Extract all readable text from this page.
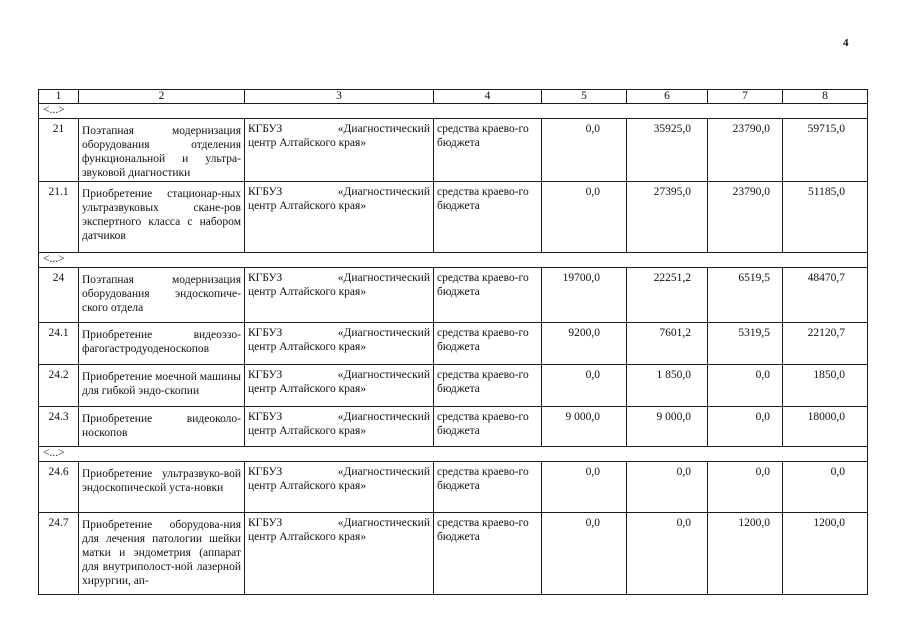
4
1	2	3	4	5	6	7	8
<...>							
21	Поэтапная модернизация оборудования отделения функциональной и ультра-звуковой диагностики	КГБУЗ «Диагностический
центр Алтайского края»	средства краево-го бюджета	0,0	35925,0	23790,0	59715,0
21.1	Приобретение стационар-ных ультразвуковых скане-ров экспертного класса с набором датчиков	КГБУЗ «Диагностический
центр Алтайского края»	средства краево-го бюджета	0,0	27395,0	23790,0	51185,0
<...>							
24	Поэтапная модернизация оборудования эндоскопиче-ского отдела	КГБУЗ «Диагностический
центр Алтайского края»	средства краево-го бюджета	19700,0	22251,2	6519,5	48470,7
24.1	Приобретение видеоэзо-фагогастродуоденоскопов	КГБУЗ «Диагностический
центр Алтайского края»	средства краево-го бюджета	9200,0	7601,2	5319,5	22120,7
24.2	Приобретение моечной машины для гибкой эндо-скопии	КГБУЗ «Диагностический
центр Алтайского края»	средства краево-го бюджета	0,0	1 850,0	0,0	1850,0
24.3	Приобретение видеоколо-носкопов	КГБУЗ «Диагностический
центр Алтайского края»	средства краево-го бюджета	9 000,0	9 000,0	0,0	18000,0
<...>							
24.6	Приобретение ультразвуко-вой эндоскопической уста-новки	КГБУЗ «Диагностический
центр Алтайского края»	средства краево-го бюджета	0,0	0,0	0,0	0,0
24.7	Приобретение оборудова-ния для лечения патологии шейки матки и эндометрия (аппарат для внутриполост-ной лазерной хирургии, ап-	КГБУЗ «Диагностический
центр Алтайского края»	средства краево-го бюджета	0,0	0,0	1200,0	1200,0
